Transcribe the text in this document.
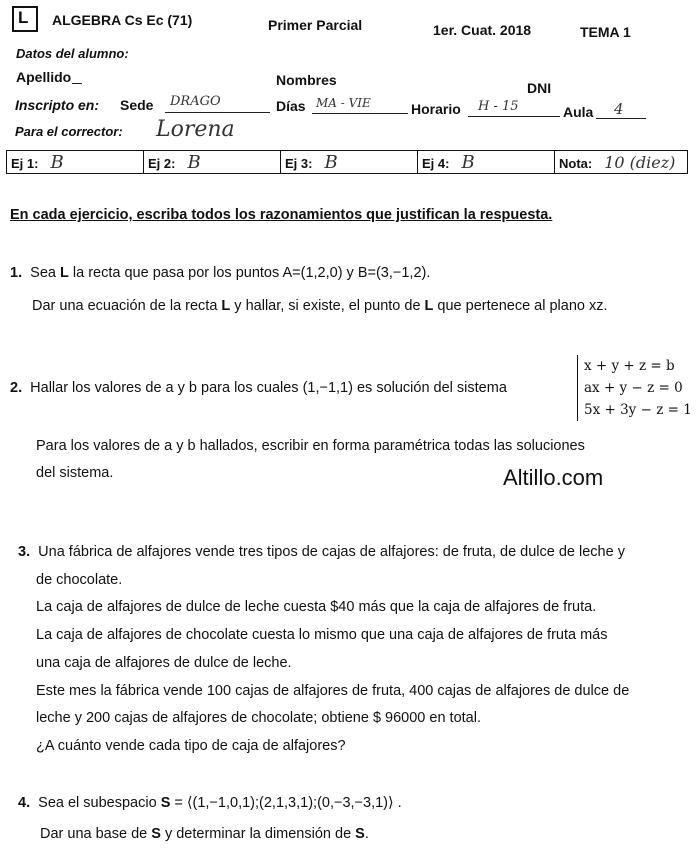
L ALGEBRA Cs Ec (71)	Primer Parcial	1er. Cuat. 2018	TEMA 1
Datos del alumno:
Apellido	Nombres	DNI
Inscripto en: Sede DRAGO	Días MA - VIE	Horario H - 15	Aula 4
Para el corrector: Lorena
Ej 1: B	Ej 2: B	Ej 3: B	Ej 4: B	Nota: 10 (diez)
En cada ejercicio, escriba todos los razonamientos que justifican la respuesta.
1. Sea L la recta que pasa por los puntos A=(1,2,0) y B=(3,−1,2).
Dar una ecuación de la recta L y hallar, si existe, el punto de L que pertenece al plano xz.
2. Hallar los valores de a y b para los cuales (1,−1,1) es solución del sistema
x + y + z = b
ax + y − z = 0
5x + 3y − z = 1
Para los valores de a y b hallados, escribir en forma paramétrica todas las soluciones
del sistema.	Altillo.com
3. Una fábrica de alfajores vende tres tipos de cajas de alfajores: de fruta, de dulce de leche y
de chocolate.
La caja de alfajores de dulce de leche cuesta $40 más que la caja de alfajores de fruta.
La caja de alfajores de chocolate cuesta lo mismo que una caja de alfajores de fruta más
una caja de alfajores de dulce de leche.
Este mes la fábrica vende 100 cajas de alfajores de fruta, 400 cajas de alfajores de dulce de
leche y 200 cajas de alfajores de chocolate; obtiene $ 96000 en total.
¿A cuánto vende cada tipo de caja de alfajores?
4. Sea el subespacio S = ⟨(1,−1,0,1);(2,1,3,1);(0,−3,−3,1)⟩ .
Dar una base de S y determinar la dimensión de S.
